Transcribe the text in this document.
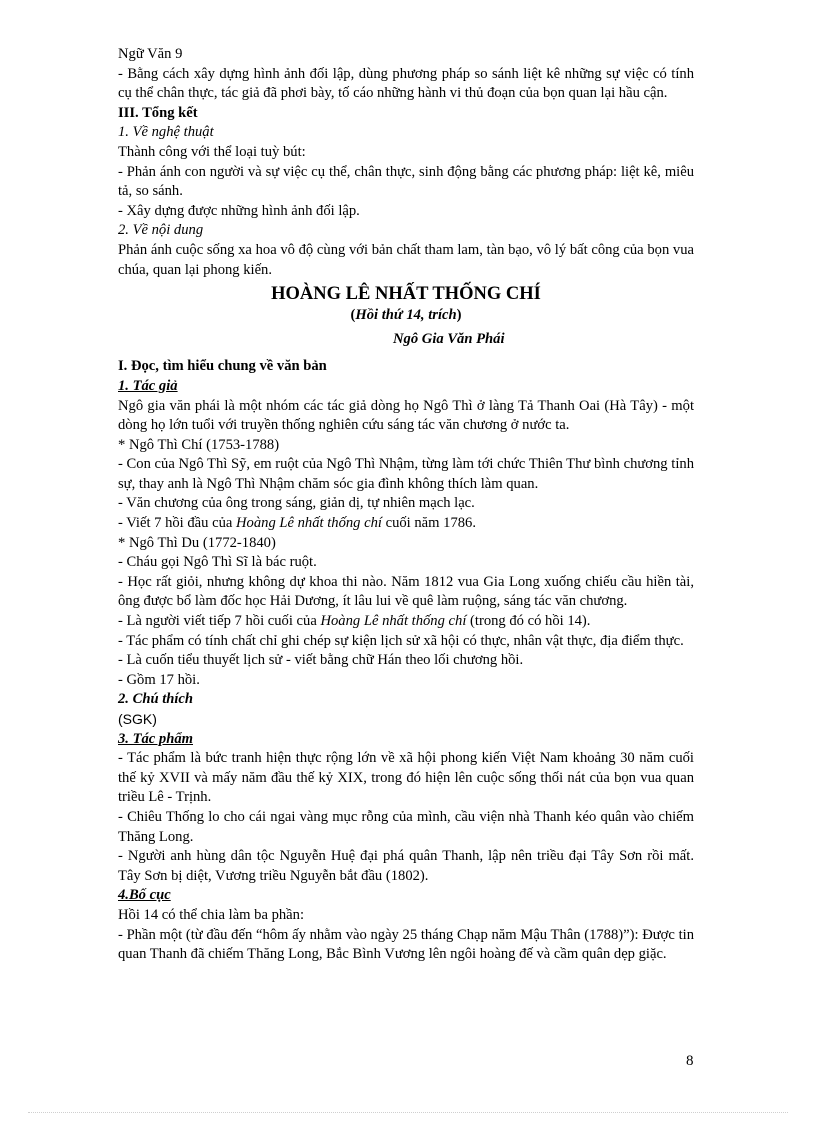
Ngữ Văn 9

- Bằng cách xây dựng hình ảnh đối lập, dùng phương pháp so sánh liệt kê những sự việc có tính cụ thể chân thực, tác giả đã phơi bày, tố cáo những hành vi thủ đoạn của bọn quan lại hầu cận.

III. Tổng kết

1. Về nghệ thuật

Thành công với thể loại tuỳ bút:

- Phản ánh con người và sự việc cụ thể, chân thực, sinh động bằng các phương pháp: liệt kê, miêu tả, so sánh.

- Xây dựng được những hình ảnh đối lập.

2. Về nội dung

Phản ánh cuộc sống xa hoa vô độ cùng với bản chất tham lam, tàn bạo, vô lý bất công của bọn vua chúa, quan lại phong kiến.

HOÀNG LÊ NHẤT THỐNG CHÍ

(Hồi thứ 14, trích)

Ngô Gia Văn Phái

I. Đọc, tìm hiểu chung về văn bản

1. Tác giả

Ngô gia văn phái là một nhóm các tác giả dòng họ Ngô Thì ở làng Tả Thanh Oai (Hà Tây) - một dòng họ lớn tuổi với truyền thống nghiên cứu sáng tác văn chương ở nước ta.

* Ngô Thì Chí (1753-1788)

- Con của Ngô Thì Sỹ, em ruột của Ngô Thì Nhậm, từng làm tới chức Thiên Thư bình chương tỉnh sự, thay anh là Ngô Thì Nhậm chăm sóc gia đình không thích làm quan.

- Văn chương của ông trong sáng, giản dị, tự nhiên mạch lạc.

- Viết 7 hồi đầu của Hoàng Lê nhất thống chí cuối năm 1786.

* Ngô Thì Du (1772-1840)

- Cháu gọi Ngô Thì Sĩ là bác ruột.

- Học rất giỏi, nhưng không dự khoa thi nào. Năm 1812 vua Gia Long xuống chiếu cầu hiền tài, ông được bổ làm đốc học Hải Dương, ít lâu lui về quê làm ruộng, sáng tác văn chương.

- Là người viết tiếp 7 hồi cuối của Hoàng Lê nhất thống chí (trong đó có hồi 14).

- Tác phẩm có tính chất chỉ ghi chép sự kiện lịch sử xã hội có thực, nhân vật thực, địa điểm thực.

- Là cuốn tiểu thuyết lịch sử - viết bằng chữ Hán theo lối chương hồi.

- Gồm 17 hồi.

2. Chú thích

(SGK)

3. Tác phẩm

- Tác phẩm là bức tranh hiện thực rộng lớn về xã hội phong kiến Việt Nam khoảng 30 năm cuối thế kỷ XVII và mấy năm đầu thế kỷ XIX, trong đó hiện lên cuộc sống thối nát của bọn vua quan triều Lê - Trịnh.

- Chiêu Thống lo cho cái ngai vàng mục rỗng của mình, cầu viện nhà Thanh kéo quân vào chiếm Thăng Long.

- Người anh hùng dân tộc Nguyễn Huệ đại phá quân Thanh, lập nên triều đại Tây Sơn rồi mất. Tây Sơn bị diệt, Vương triều Nguyễn bắt đầu (1802).

4.Bố cục

Hồi 14 có thể chia làm ba phần:

- Phần một (từ đầu đến “hôm ấy nhằm vào ngày 25 tháng Chạp năm Mậu Thân (1788)”): Được tin quan Thanh đã chiếm Thăng Long, Bắc Bình Vương lên ngôi hoàng đế và cầm quân dẹp giặc.

8
